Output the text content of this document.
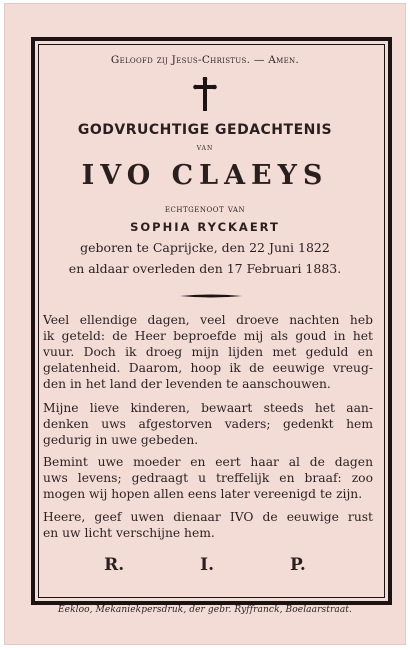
Geloofd zij Jesus-Christus. — Amen.
GODVRUCHTIGE GEDACHTENIS
van
IVO CLAEYS
echtgenoot van
SOPHIA RYCKAERT
geboren te Caprijcke, den 22 Juni 1822
en aldaar overleden den 17 Februari 1883.
Veel ellendige dagen, veel droeve nachten heb
ik geteld: de Heer beproefde mij als goud in het
vuur. Doch ik droeg mijn lijden met geduld en
gelatenheid. Daarom, hoop ik de eeuwige vreug-
den in het land der levenden te aanschouwen.
Mijne lieve kinderen, bewaart steeds het aan-
denken uws afgestorven vaders; gedenkt hem
gedurig in uwe gebeden.
Bemint uwe moeder en eert haar al de dagen
uws levens; gedraagt u treffelijk en braaf: zoo
mogen wij hopen allen eens later vereenigd te zijn.
Heere, geef uwen dienaar IVO de eeuwige rust
en uw licht verschijne hem.
R.	I.	P.
Eekloo, Mekaniekpersdruk, der gebr. Ryffranck, Boelaarstraat.
